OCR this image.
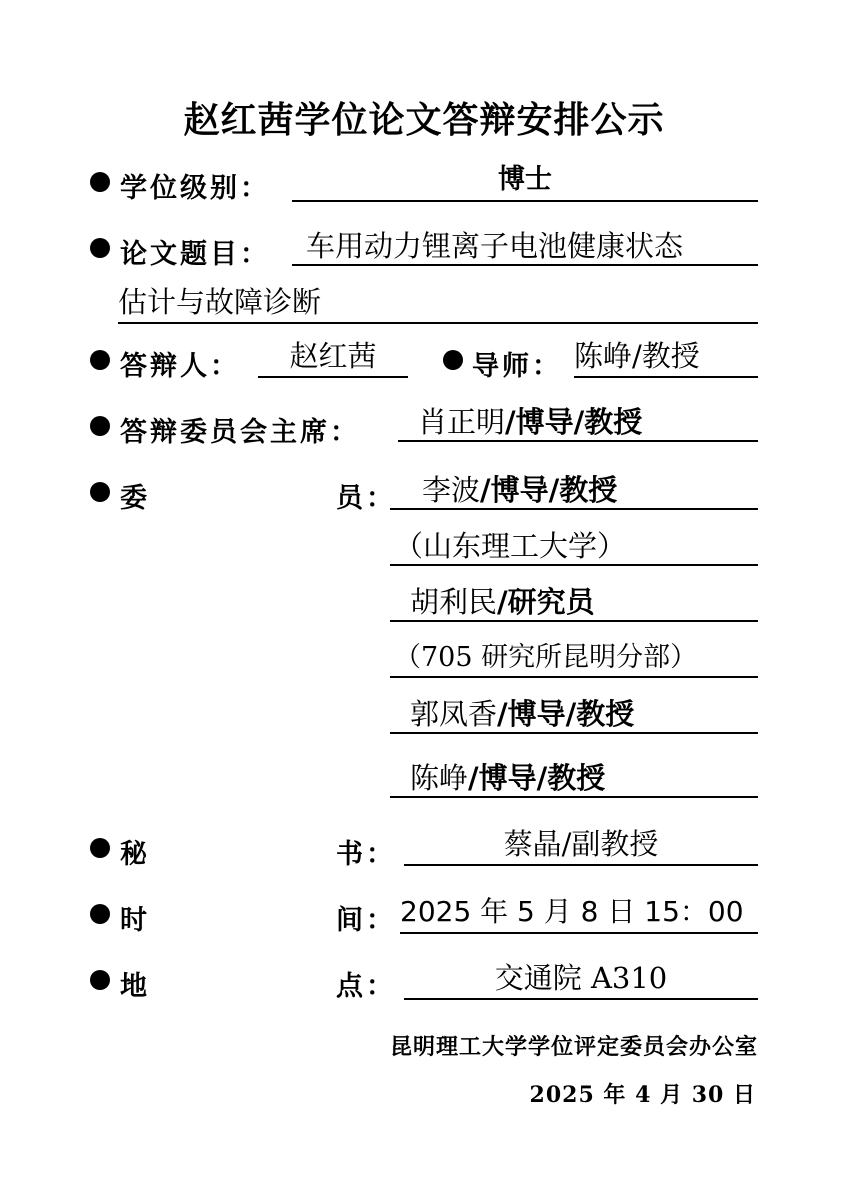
赵红茜学位论文答辩安排公示
学位级别：	博士
论文题目：	车用动力锂离子电池健康状态
估计与故障诊断
答辩人：	赵红茜	导师： 陈峥/教授
答辩委员会主席：	肖正明/博导/教授
委	员： 李波/博导/教授
（山东理工大学）
胡利民/研究员
（705 研究所昆明分部）
郭凤香/博导/教授
陈峥/博导/教授
秘	书：	蔡晶/副教授
时	间： 2025 年 5 月 8 日 15：00
地	点：	交通院 A310
昆明理工大学学位评定委员会办公室
2025 年 4 月 30 日
